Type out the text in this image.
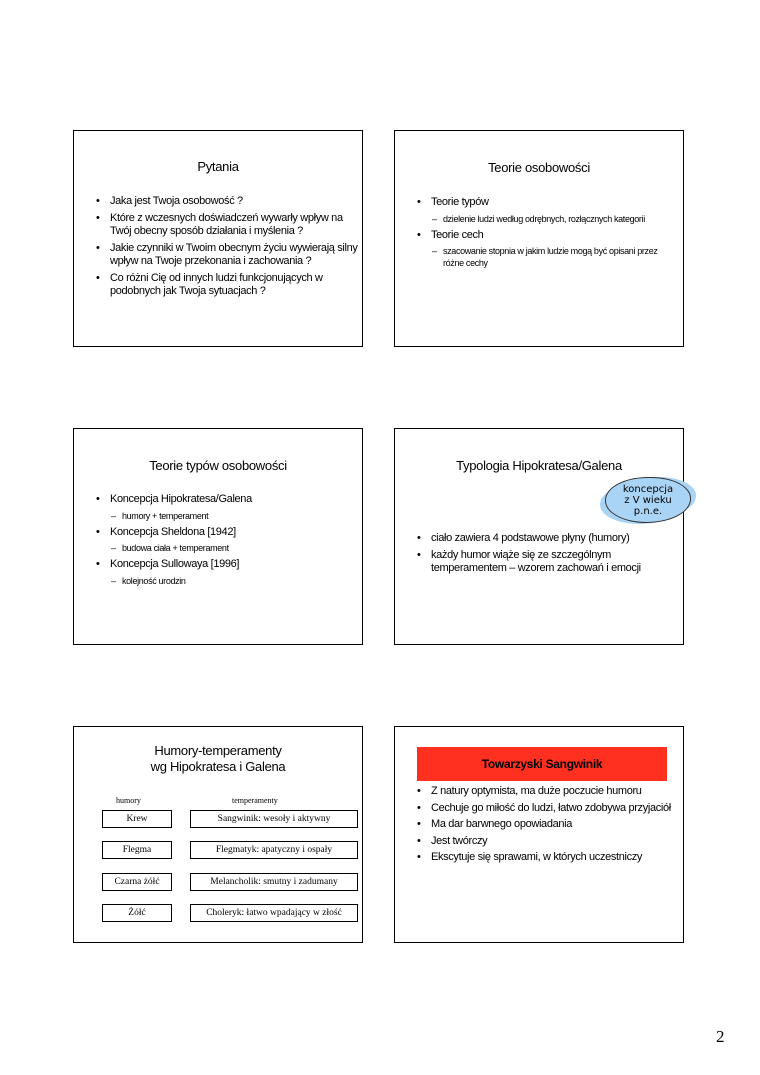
Pytania
• Jaka jest Twoja osobowość ?
• Które z wczesnych doświadczeń wywarły wpływ na Twój obecny sposób działania i myślenia ?
• Jakie czynniki w Twoim obecnym życiu wywierają silny wpływ na Twoje przekonania i zachowania ?
• Co różni Cię od innych ludzi funkcjonujących w podobnych jak Twoja sytuacjach ?
Teorie osobowości
• Teorie typów
– dzielenie ludzi według odrębnych, rozłącznych kategorii
• Teorie cech
– szacowanie stopnia w jakim ludzie mogą być opisani przez różne cechy
Teorie typów osobowości
• Koncepcja Hipokratesa/Galena
– humory + temperament
• Koncepcja Sheldona [1942]
– budowa ciała + temperament
• Koncepcja Sullowaya [1996]
– kolejność urodzin
Typologia Hipokratesa/Galena
koncepcja
z V wieku
p.n.e.
• ciało zawiera 4 podstawowe płyny (humory)
• każdy humor wiąże się ze szczególnym temperamentem – wzorem zachowań i emocji
Humory-temperamenty
wg Hipokratesa i Galena
humory	temperamenty
Krew
Flegma
Czarna żółć
Żółć
Sangwinik: wesoły i aktywny
Flegmatyk: apatyczny i ospały
Melancholik: smutny i zadumany
Choleryk: łatwo wpadający w złość
Towarzyski Sangwinik
• Z natury optymista, ma duże poczucie humoru
• Cechuje go miłość do ludzi, łatwo zdobywa przyjaciół
• Ma dar barwnego opowiadania
• Jest twórczy
• Ekscytuje się sprawami, w których uczestniczy
2
